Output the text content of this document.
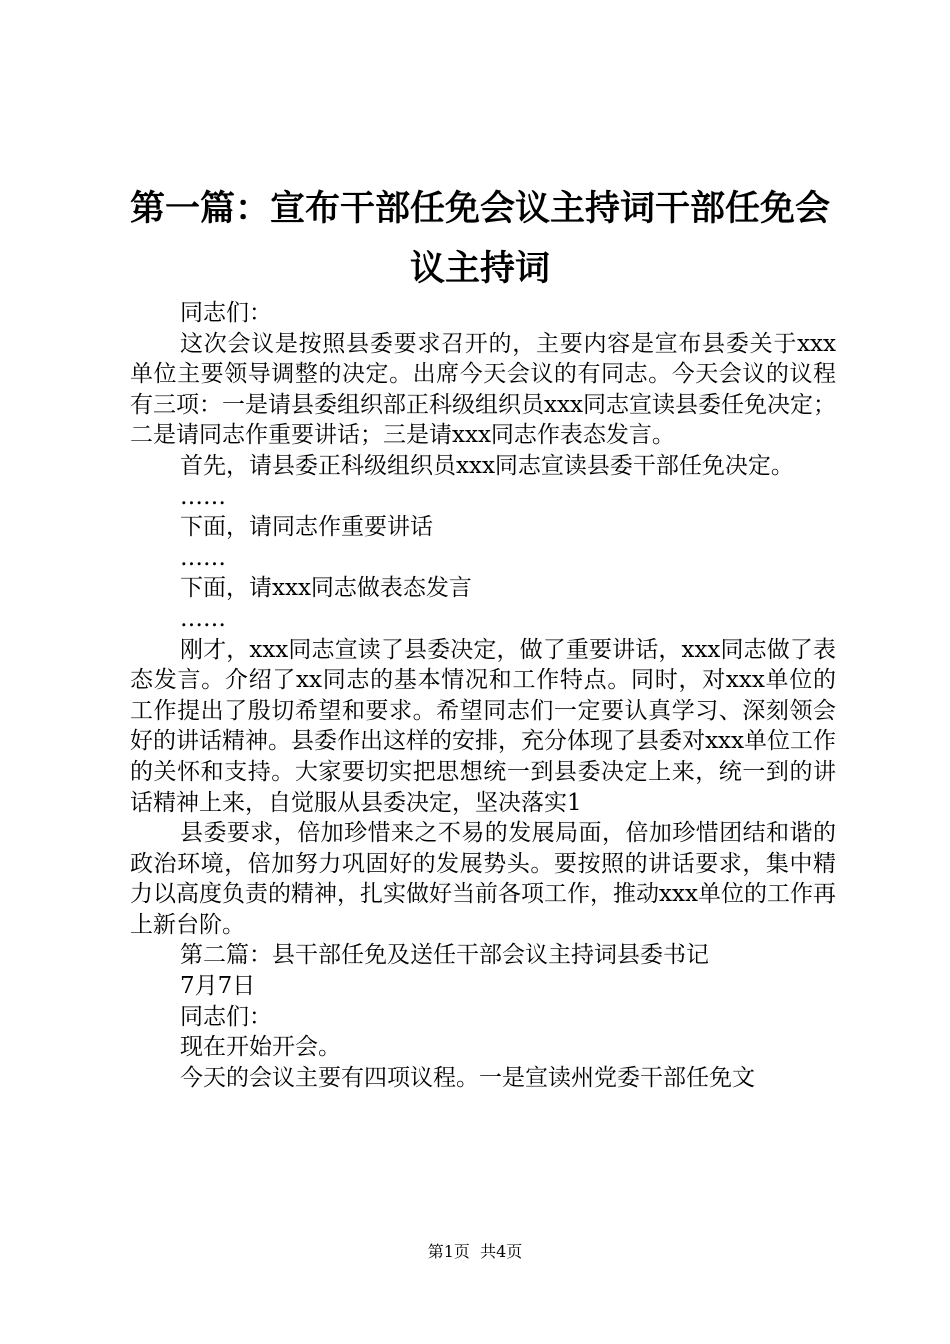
第一篇：宣布干部任免会议主持词干部任免会
议主持词

同志们：

这次会议是按照县委要求召开的，主要内容是宣布县委关于xxx单位主要领导调整的决定。出席今天会议的有同志。今天会议的议程有三项：一是请县委组织部正科级组织员xxx同志宣读县委任免决定；二是请同志作重要讲话；三是请xxx同志作表态发言。

首先，请县委正科级组织员xxx同志宣读县委干部任免决定。

……

下面，请同志作重要讲话

……

下面，请xxx同志做表态发言

……

刚才，xxx同志宣读了县委决定，做了重要讲话，xxx同志做了表态发言。介绍了xx同志的基本情况和工作特点。同时，对xxx单位的工作提出了殷切希望和要求。希望同志们一定要认真学习、深刻领会好的讲话精神。县委作出这样的安排，充分体现了县委对xxx单位工作的关怀和支持。大家要切实把思想统一到县委决定上来，统一到的讲话精神上来，自觉服从县委决定，坚决落实1

县委要求，倍加珍惜来之不易的发展局面，倍加珍惜团结和谐的政治环境，倍加努力巩固好的发展势头。要按照的讲话要求，集中精力以高度负责的精神，扎实做好当前各项工作，推动xxx单位的工作再上新台阶。

第二篇：县干部任免及送任干部会议主持词县委书记

7月7日

同志们：

现在开始开会。

今天的会议主要有四项议程。一是宣读州党委干部任免文

第1页  共4页
